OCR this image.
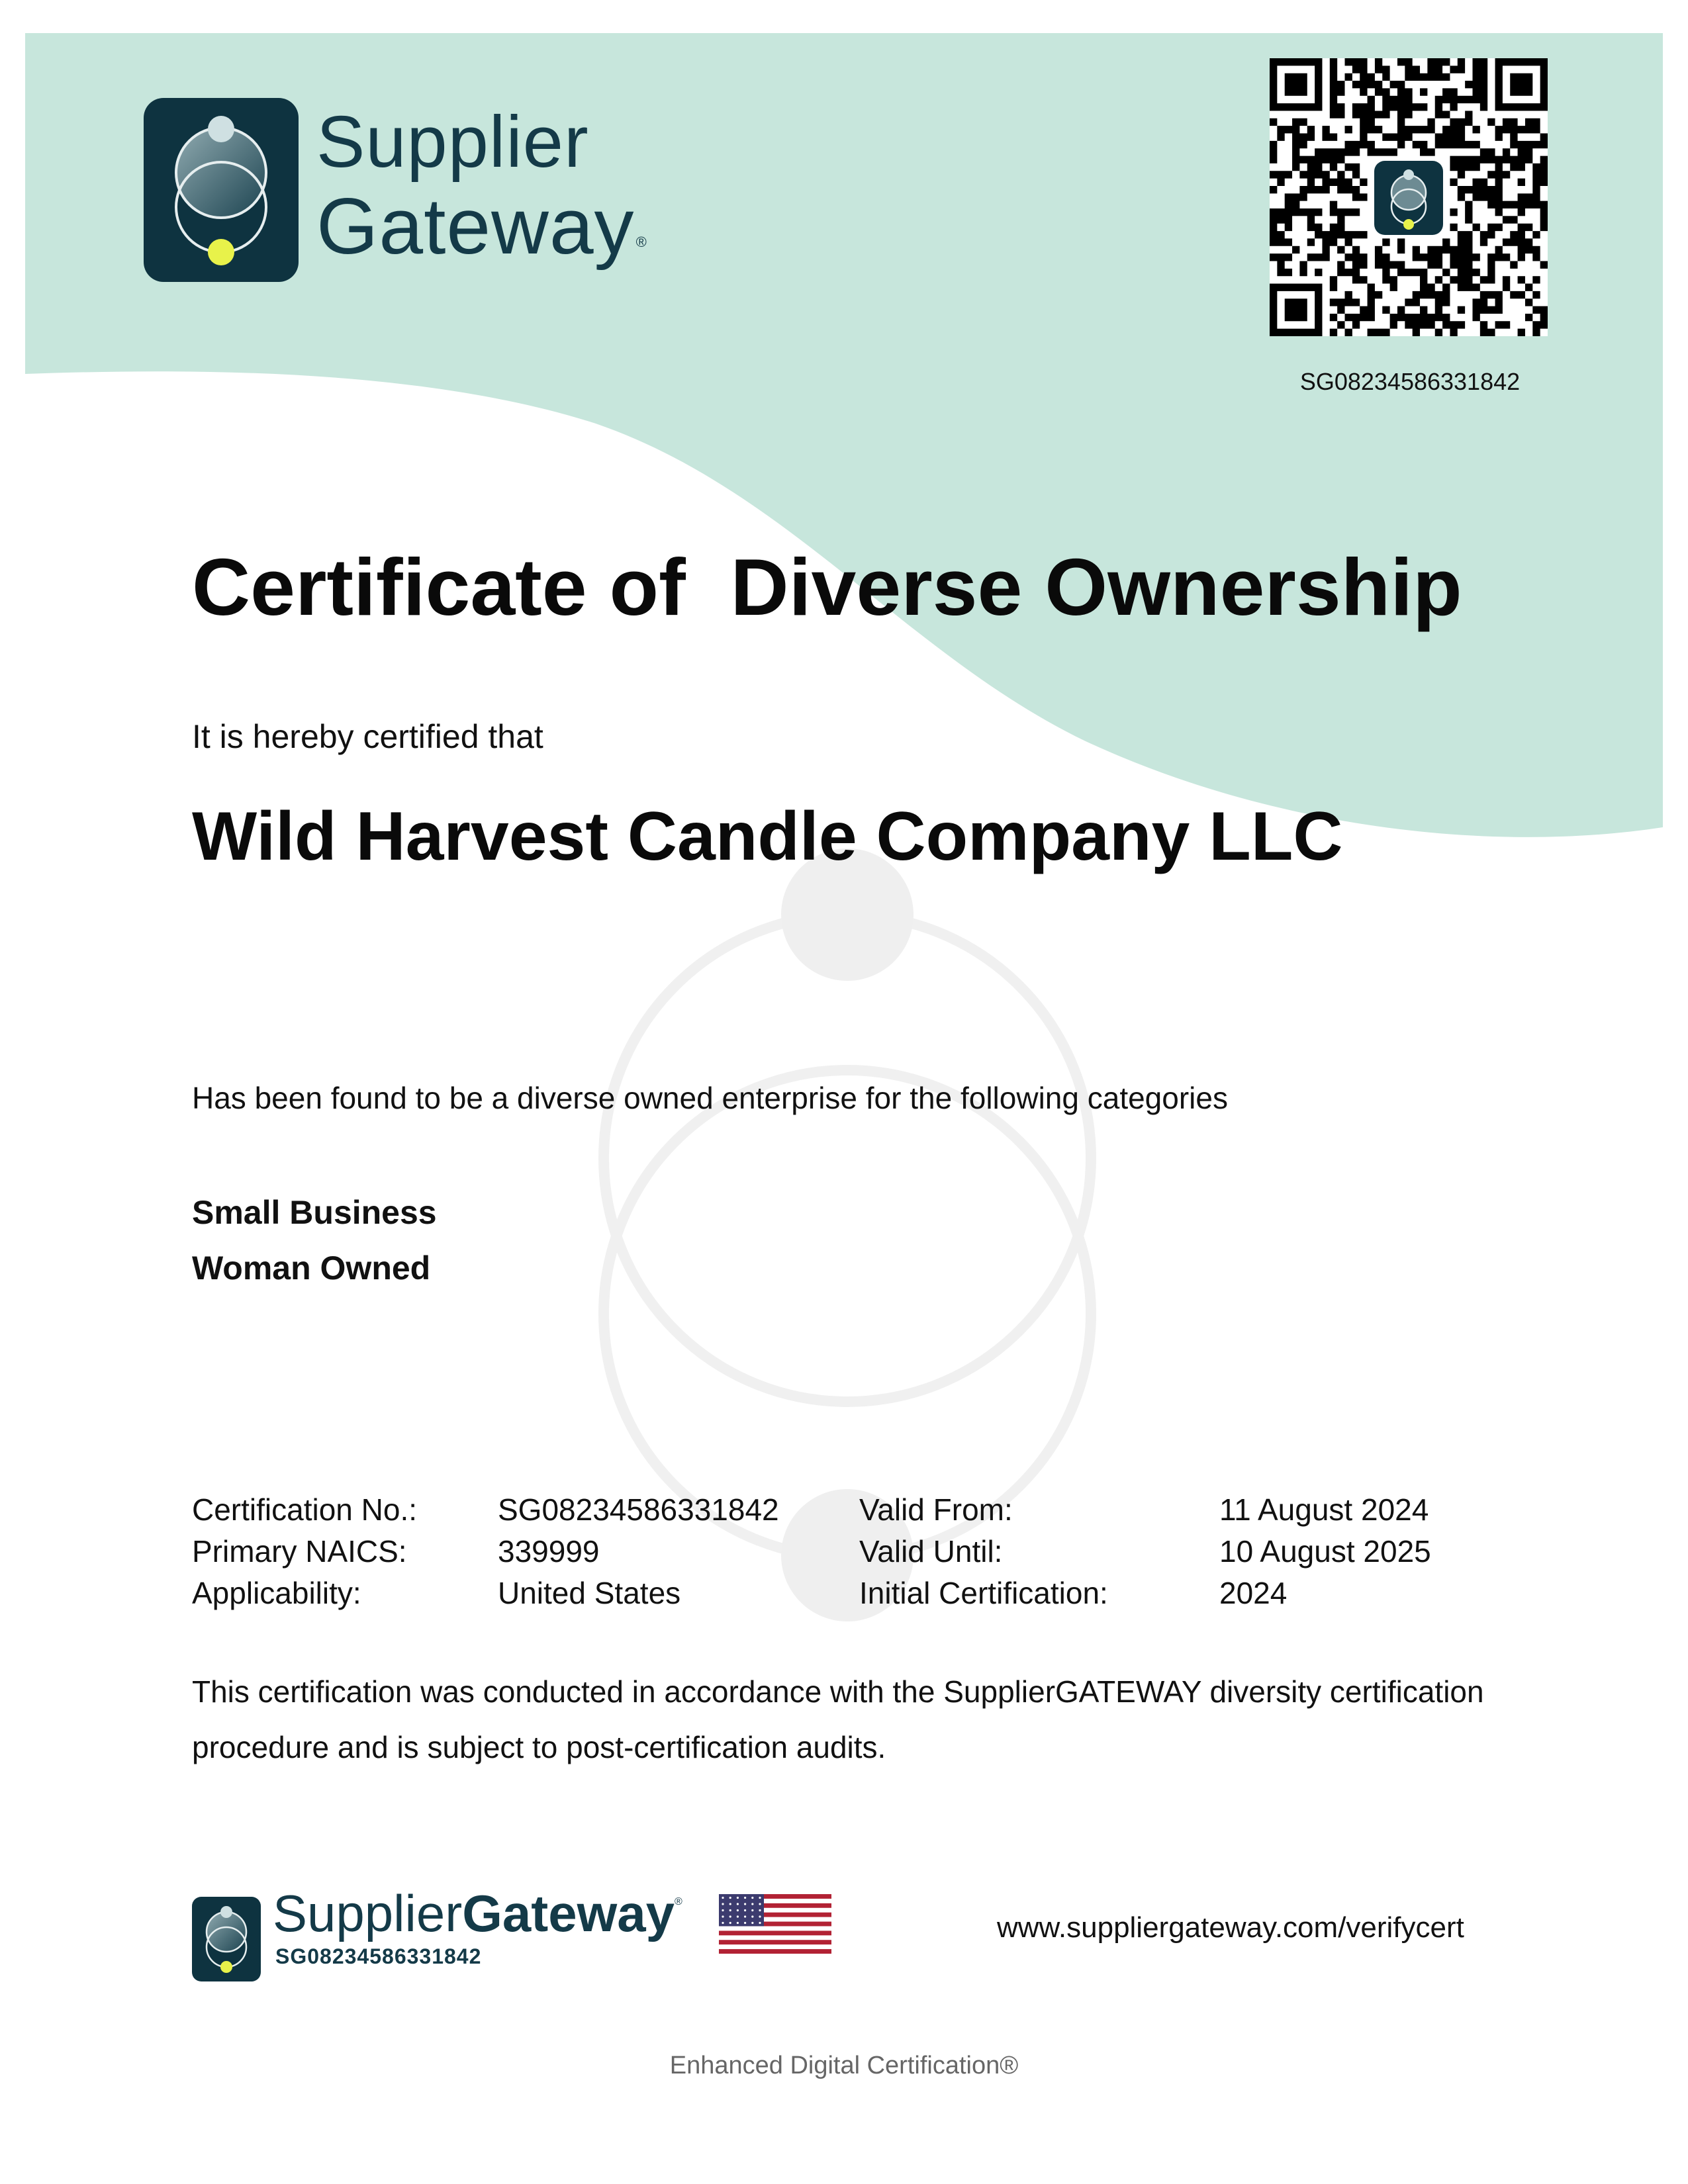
Supplier
Gateway®
SG08234586331842
Certificate of  Diverse Ownership
It is hereby certified that
Wild Harvest Candle Company LLC
Has been found to be a diverse owned enterprise for the following categories
Small Business
Woman Owned
Certification No.:
Primary NAICS:
Applicability:
SG08234586331842
339999
United States
Valid From:
Valid Until:
Initial Certification:
11 August 2024
10 August 2025
2024
This certification was conducted in accordance with the SupplierGATEWAY diversity certification procedure and is subject to post-certification audits.
SupplierGateway®
SG08234586331842
www.suppliergateway.com/verifycert
Enhanced Digital Certification®
